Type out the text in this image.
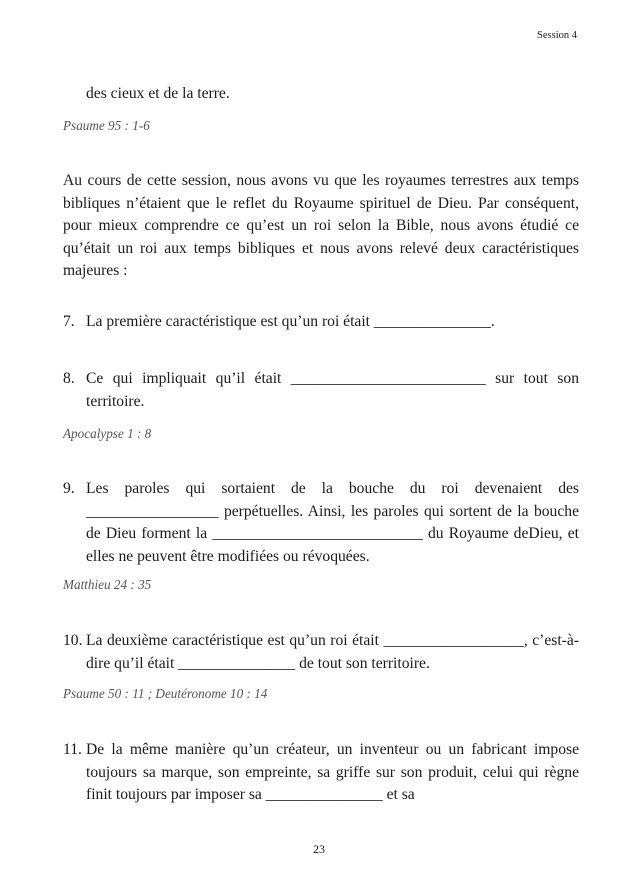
Session 4
des cieux et de la terre.
Psaume 95 : 1-6
Au cours de cette session, nous avons vu que les royaumes terrestres aux temps bibliques n’étaient que le reflet du Royaume spirituel de Dieu. Par conséquent, pour mieux comprendre ce qu’est un roi selon la Bible, nous avons étudié ce qu’était un roi aux temps bibliques et nous avons relevé deux caractéristiques majeures :
7. La première caractéristique est qu’un roi était _______________.
8. Ce qui impliquait qu’il était _________________________ sur tout son territoire.
Apocalypse 1 : 8
9. Les paroles qui sortaient de la bouche du roi devenaient des _________________ perpétuelles. Ainsi, les paroles qui sortent de la bouche de Dieu forment la ___________________________ du Royaume deDieu, et elles ne peuvent être modifiées ou révoquées.
Matthieu 24 : 35
10. La deuxième caractéristique est qu’un roi était __________________, c’est-à-dire qu’il était _______________ de tout son territoire.
Psaume 50 : 11 ; Deutéronome 10 : 14
11. De la même manière qu’un créateur, un inventeur ou un fabricant impose toujours sa marque, son empreinte, sa griffe sur son produit, celui qui règne finit toujours par imposer sa _______________ et sa
23
